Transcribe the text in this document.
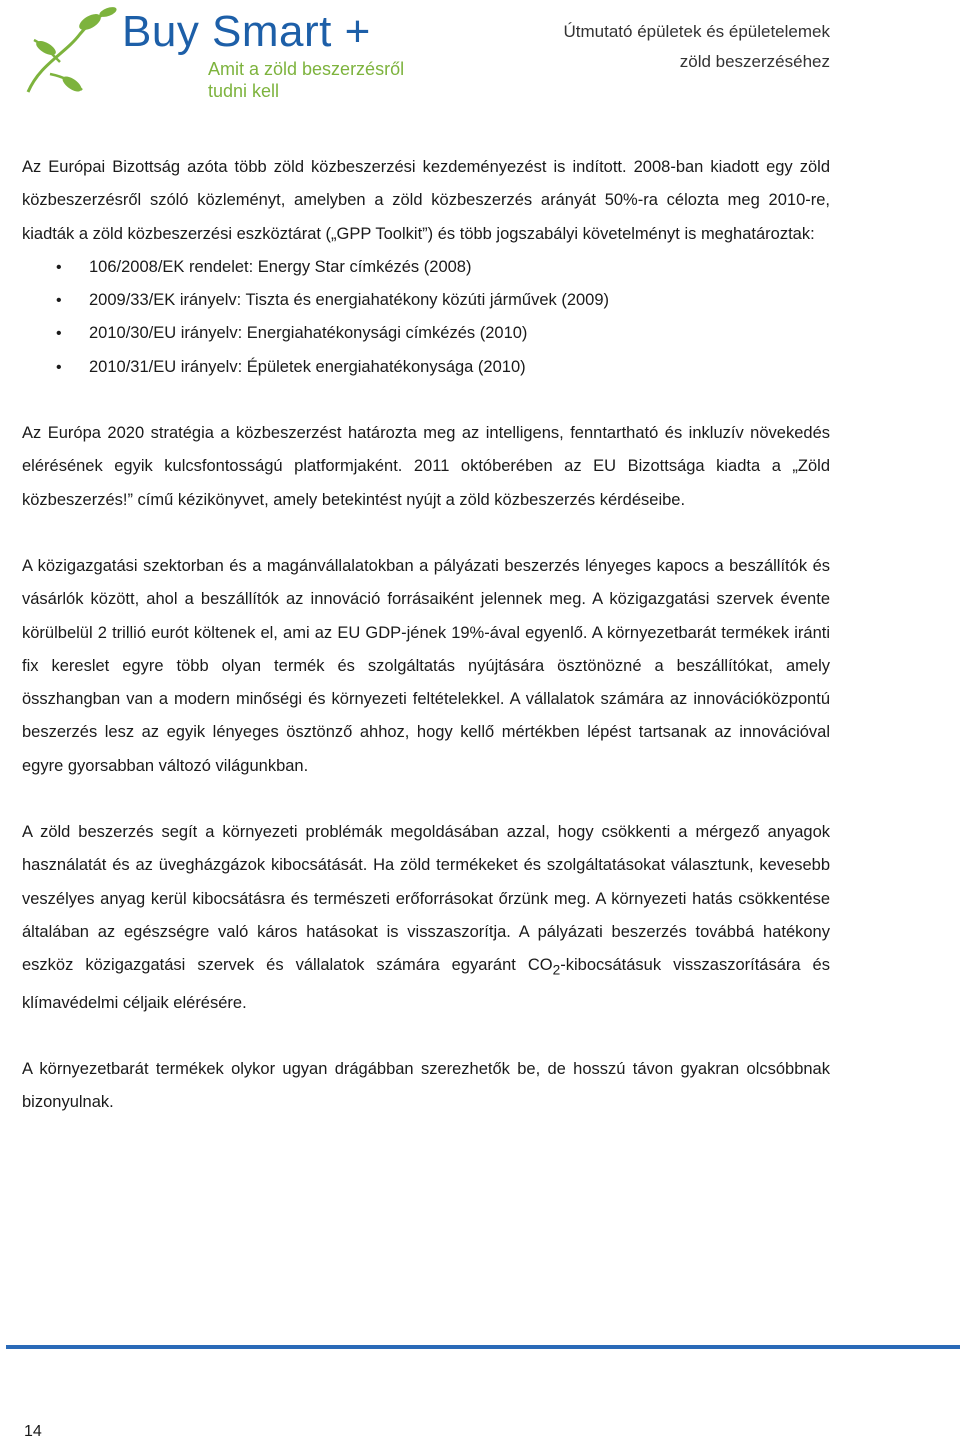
Buy Smart +
Amit a zöld beszerzésről
tudni kell
Útmutató épületek és épületelemek
zöld beszerzéséhez

Az Európai Bizottság azóta több zöld közbeszerzési kezdeményezést is indított. 2008-ban kiadott egy zöld közbeszerzésről szóló közleményt, amelyben a zöld közbeszerzés arányát 50%-ra célozta meg 2010-re, kiadták a zöld közbeszerzési eszköztárat („GPP Toolkit”) és több jogszabályi követelményt is meghatároztak:

• 106/2008/EK rendelet: Energy Star címkézés (2008)
• 2009/33/EK irányelv: Tiszta és energiahatékony közúti járművek (2009)
• 2010/30/EU irányelv: Energiahatékonysági címkézés (2010)
• 2010/31/EU irányelv: Épületek energiahatékonysága (2010)

Az Európa 2020 stratégia a közbeszerzést határozta meg az intelligens, fenntartható és inkluzív növekedés elérésének egyik kulcsfontosságú platformjaként. 2011 októberében az EU Bizottsága kiadta a „Zöld közbeszerzés!” című kézikönyvet, amely betekintést nyújt a zöld közbeszerzés kérdéseibe.

A közigazgatási szektorban és a magánvállalatokban a pályázati beszerzés lényeges kapocs a beszállítók és vásárlók között, ahol a beszállítók az innováció forrásaiként jelennek meg. A közigazgatási szervek évente körülbelül 2 trillió eurót költenek el, ami az EU GDP-jének 19%-ával egyenlő. A környezetbarát termékek iránti fix kereslet egyre több olyan termék és szolgáltatás nyújtására ösztönözné a beszállítókat, amely összhangban van a modern minőségi és környezeti feltételekkel. A vállalatok számára az innovációközpontú beszerzés lesz az egyik lényeges ösztönző ahhoz, hogy kellő mértékben lépést tartsanak az innovációval egyre gyorsabban változó világunkban.

A zöld beszerzés segít a környezeti problémák megoldásában azzal, hogy csökkenti a mérgező anyagok használatát és az üvegházgázok kibocsátását. Ha zöld termékeket és szolgáltatásokat választunk, kevesebb veszélyes anyag kerül kibocsátásra és természeti erőforrásokat őrzünk meg. A környezeti hatás csökkentése általában az egészségre való káros hatásokat is visszaszorítja. A pályázati beszerzés továbbá hatékony eszköz közigazgatási szervek és vállalatok számára egyaránt $CO_2$-kibocsátásuk visszaszorítására és klímavédelmi céljaik elérésére.

A környezetbarát termékek olykor ugyan drágábban szerezhetők be, de hosszú távon gyakran olcsóbbnak bizonyulnak.

14
